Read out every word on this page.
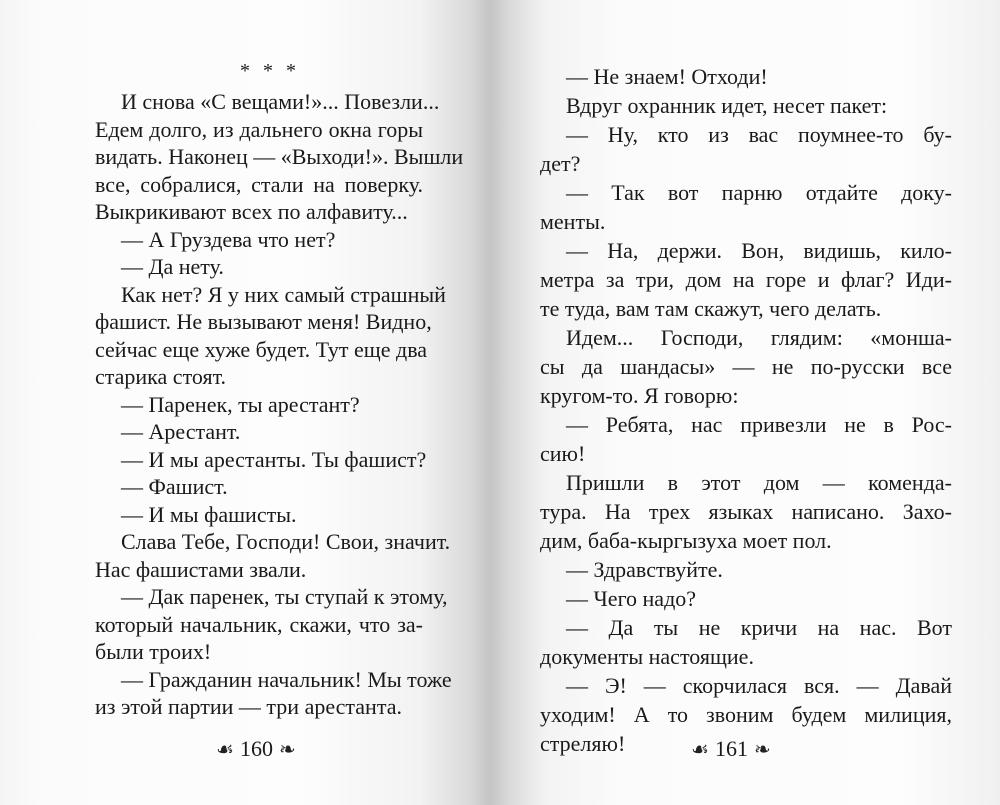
* * *
И снова «С вещами!»... Повезли...
Едем долго, из дальнего окна горы
видать. Наконец — «Выходи!». Вышли
все, собралися, стали на поверку.
Выкрикивают всех по алфавиту...
— А Груздева что нет?
— Да нету.
Как нет? Я у них самый страшный
фашист. Не вызывают меня! Видно,
сейчас еще хуже будет. Тут еще два
старика стоят.
— Паренек, ты арестант?
— Арестант.
— И мы арестанты. Ты фашист?
— Фашист.
— И мы фашисты.
Слава Тебе, Господи! Свои, значит.
Нас фашистами звали.
— Дак паренек, ты ступай к этому,
который начальник, скажи, что за-
были троих!
— Гражданин начальник! Мы тоже
из этой партии — три арестанта.
— Не знаем! Отходи!
Вдруг охранник идет, несет пакет:
— Ну, кто из вас поумнее-то бу-
дет?
— Так вот парню отдайте доку-
менты.
— На, держи. Вон, видишь, кило-
метра за три, дом на горе и флаг? Иди-
те туда, вам там скажут, чего делать.
Идем... Господи, глядим: «монша-
сы да шандасы» — не по-русски все
кругом-то. Я говорю:
— Ребята, нас привезли не в Рос-
сию!
Пришли в этот дом — коменда-
тура. На трех языках написано. Захо-
дим, баба-кыргызуха моет пол.
— Здравствуйте.
— Чего надо?
— Да ты не кричи на нас. Вот
документы настоящие.
— Э! — скорчилася вся. — Давай
уходим! А то звоним будем милиция,
стреляю!
☙ 160 ❧	☙ 161 ❧
